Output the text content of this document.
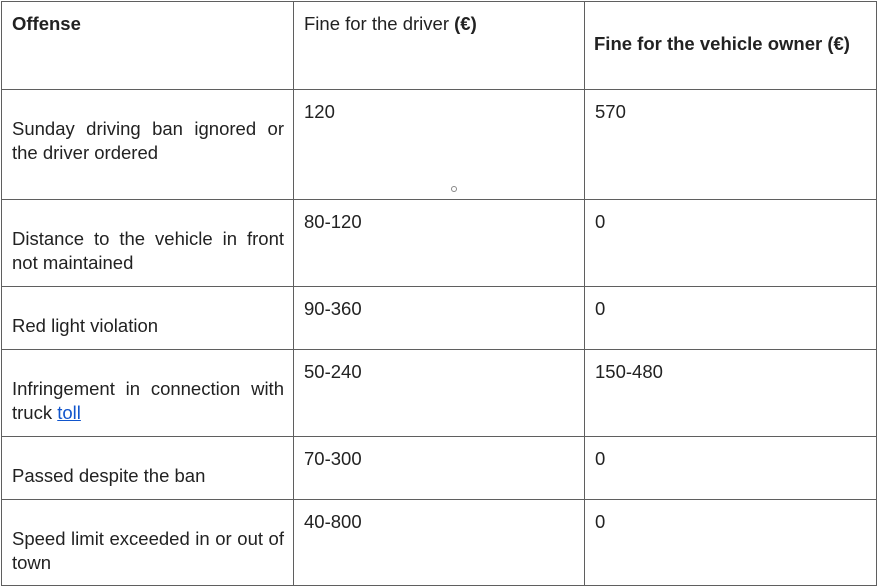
Offense	Fine for the driver (€)	Fine for the vehicle owner (€)
Sunday driving ban ignored or the driver ordered	120	570
Distance to the vehicle in front not maintained	80-120	0
Red light violation	90-360	0
Infringement in connection with truck toll	50-240	150-480
Passed despite the ban	70-300	0
Speed limit exceeded in or out of town	40-800	0
